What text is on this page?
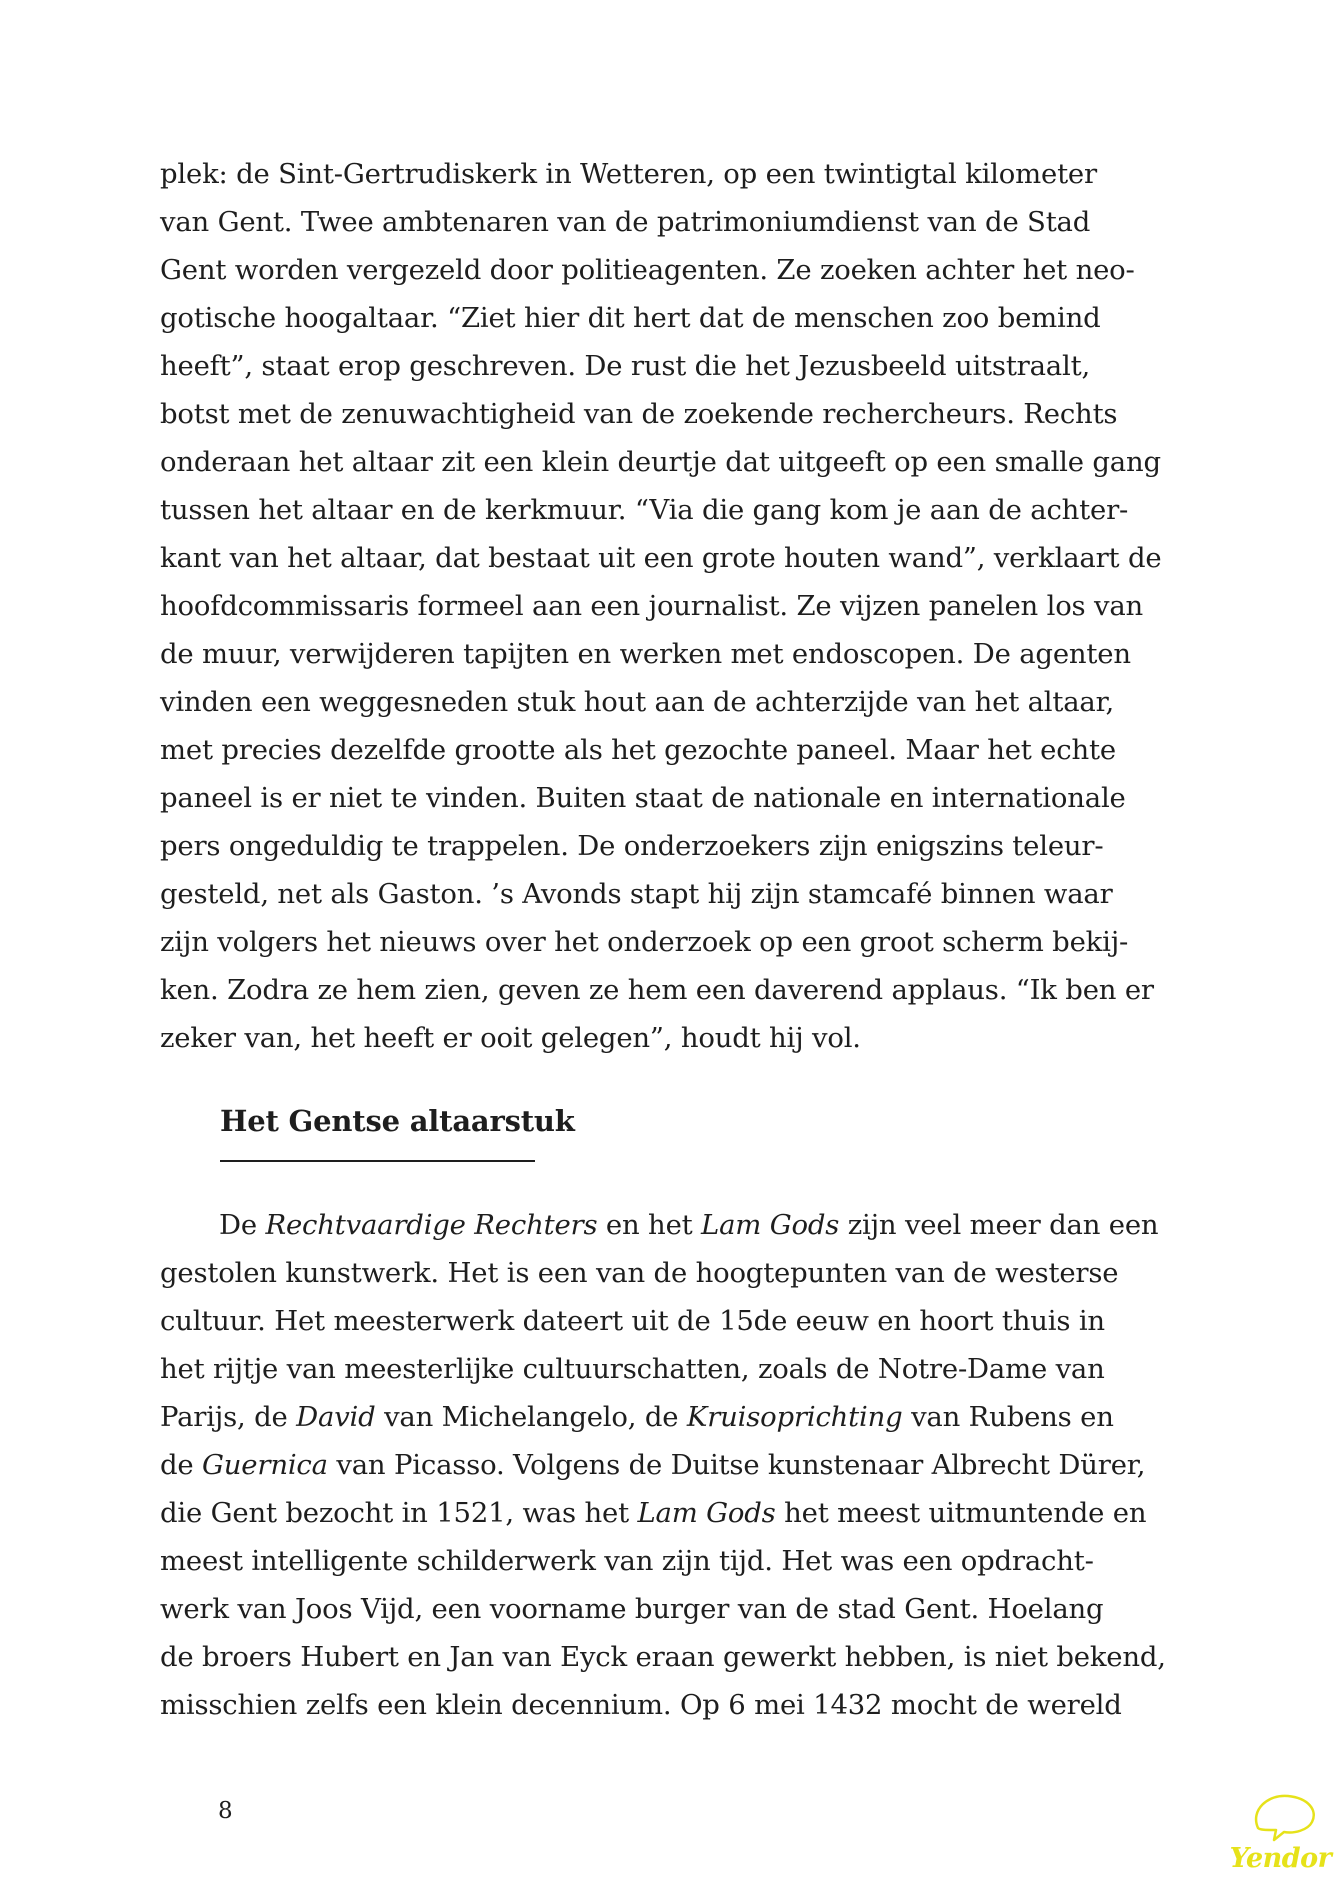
plek: de Sint-Gertrudiskerk in Wetteren, op een twintigtal kilometer
van Gent. Twee ambtenaren van de patrimoniumdienst van de Stad
Gent worden vergezeld door politieagenten. Ze zoeken achter het neo-
gotische hoogaltaar. “Ziet hier dit hert dat de menschen zoo bemind
heeft”, staat erop geschreven. De rust die het Jezusbeeld uitstraalt,
botst met de zenuwachtigheid van de zoekende rechercheurs. Rechts
onderaan het altaar zit een klein deurtje dat uitgeeft op een smalle gang
tussen het altaar en de kerkmuur. “Via die gang kom je aan de achter-
kant van het altaar, dat bestaat uit een grote houten wand”, verklaart de
hoofdcommissaris formeel aan een journalist. Ze vijzen panelen los van
de muur, verwijderen tapijten en werken met endoscopen. De agenten
vinden een weggesneden stuk hout aan de achterzijde van het altaar,
met precies dezelfde grootte als het gezochte paneel. Maar het echte
paneel is er niet te vinden. Buiten staat de nationale en internationale
pers ongeduldig te trappelen. De onderzoekers zijn enigszins teleur-
gesteld, net als Gaston. ’s Avonds stapt hij zijn stamcafé binnen waar
zijn volgers het nieuws over het onderzoek op een groot scherm bekij-
ken. Zodra ze hem zien, geven ze hem een daverend applaus. “Ik ben er
zeker van, het heeft er ooit gelegen”, houdt hij vol.
Het Gentse altaarstuk
De Rechtvaardige Rechters en het Lam Gods zijn veel meer dan een
gestolen kunstwerk. Het is een van de hoogtepunten van de westerse
cultuur. Het meesterwerk dateert uit de 15de eeuw en hoort thuis in
het rijtje van meesterlijke cultuurschatten, zoals de Notre-Dame van
Parijs, de David van Michelangelo, de Kruisoprichting van Rubens en
de Guernica van Picasso. Volgens de Duitse kunstenaar Albrecht Dürer,
die Gent bezocht in 1521, was het Lam Gods het meest uitmuntende en
meest intelligente schilderwerk van zijn tijd. Het was een opdracht-
werk van Joos Vijd, een voorname burger van de stad Gent. Hoelang
de broers Hubert en Jan van Eyck eraan gewerkt hebben, is niet bekend,
misschien zelfs een klein decennium. Op 6 mei 1432 mocht de wereld
8
Yendor
